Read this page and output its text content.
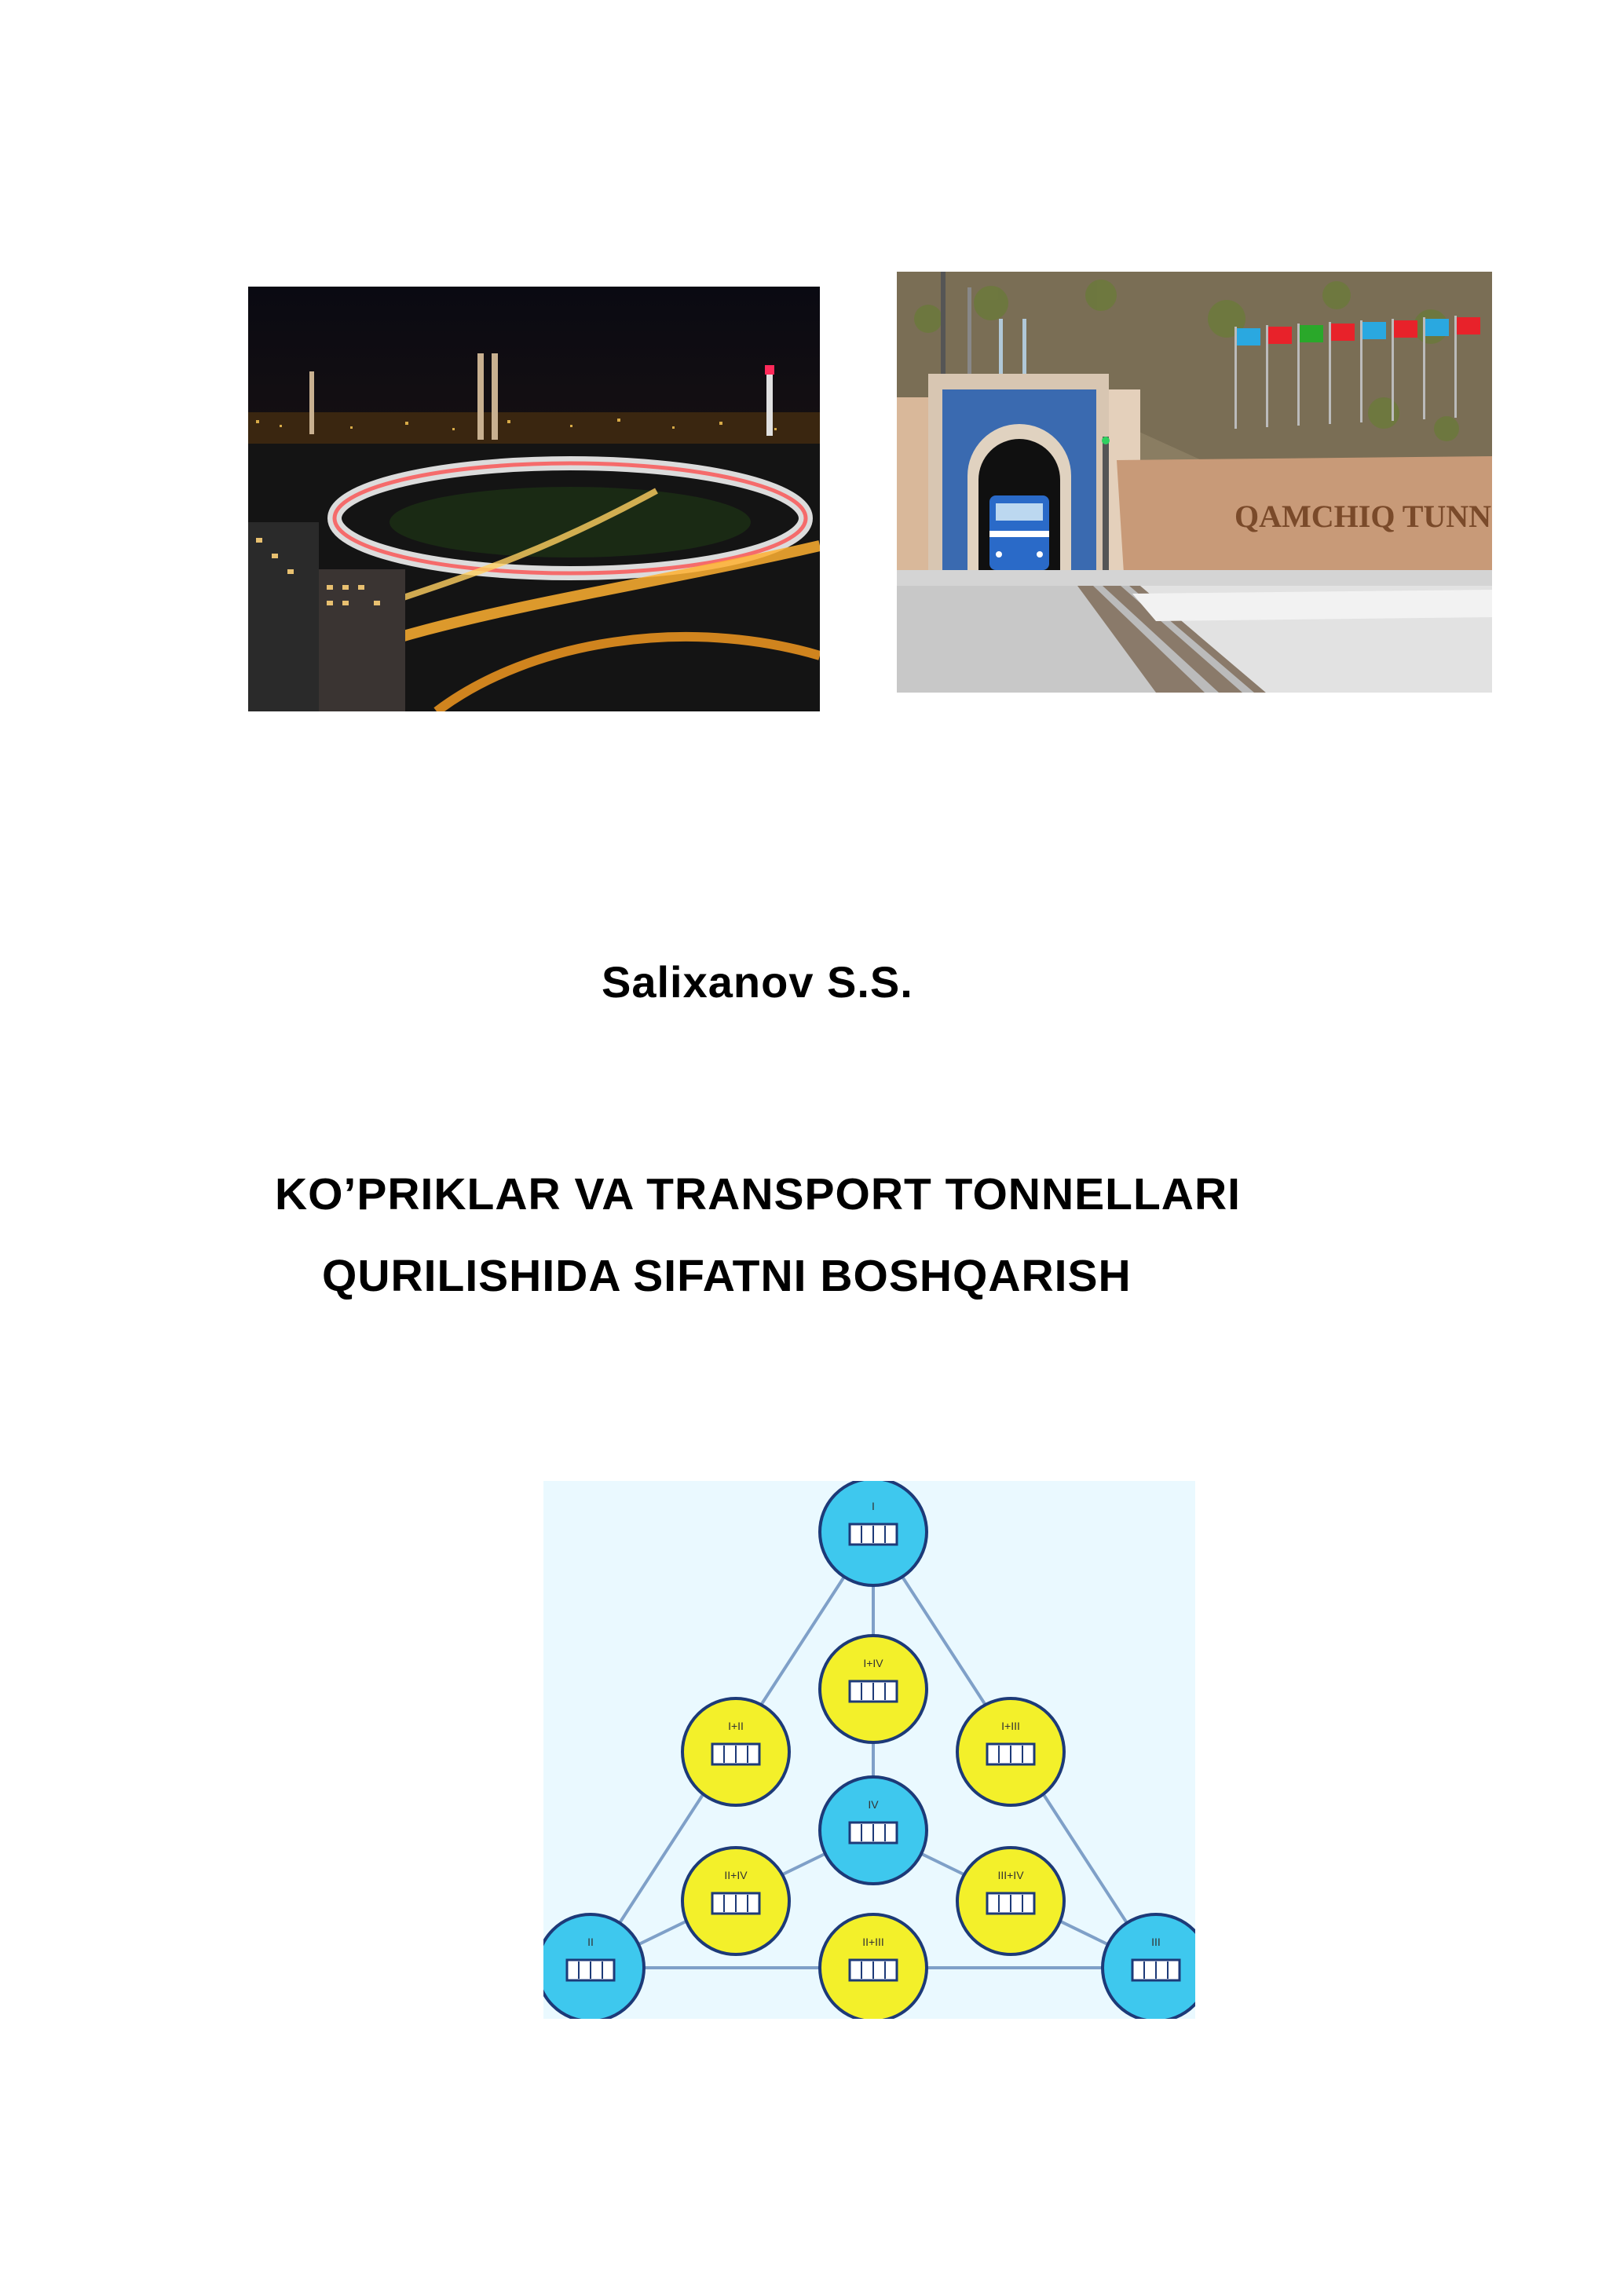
QAMCHIQ TUNN
Salixanov S.S.
KO’PRIKLAR VA TRANSPORT TONNELLARI
QURILISHIDA SIFATNI BOSHQARISH
I
I+IV
I+II	I+III
IV
II+IV	III+IV
II	II+III	III
